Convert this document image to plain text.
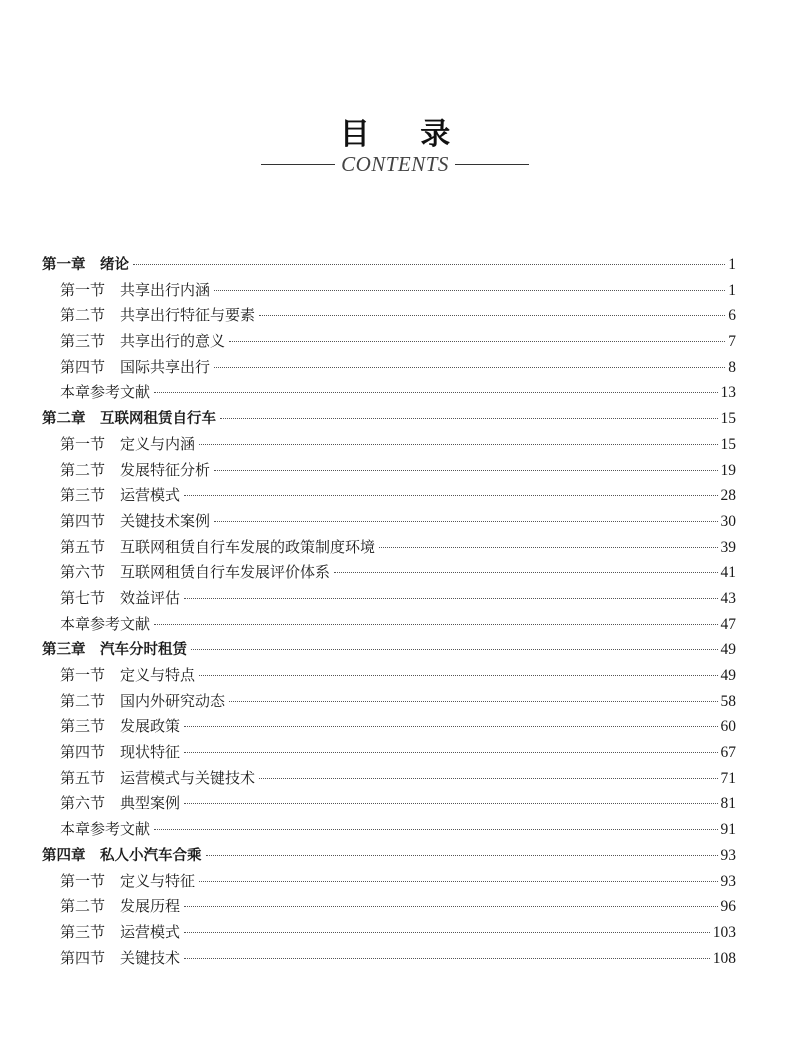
目 录
CONTENTS
第一章　绪论	1
第一节　共享出行内涵	1
第二节　共享出行特征与要素	6
第三节　共享出行的意义	7
第四节　国际共享出行	8
本章参考文献	13
第二章　互联网租赁自行车	15
第一节　定义与内涵	15
第二节　发展特征分析	19
第三节　运营模式	28
第四节　关键技术案例	30
第五节　互联网租赁自行车发展的政策制度环境	39
第六节　互联网租赁自行车发展评价体系	41
第七节　效益评估	43
本章参考文献	47
第三章　汽车分时租赁	49
第一节　定义与特点	49
第二节　国内外研究动态	58
第三节　发展政策	60
第四节　现状特征	67
第五节　运营模式与关键技术	71
第六节　典型案例	81
本章参考文献	91
第四章　私人小汽车合乘	93
第一节　定义与特征	93
第二节　发展历程	96
第三节　运营模式	103
第四节　关键技术	108
